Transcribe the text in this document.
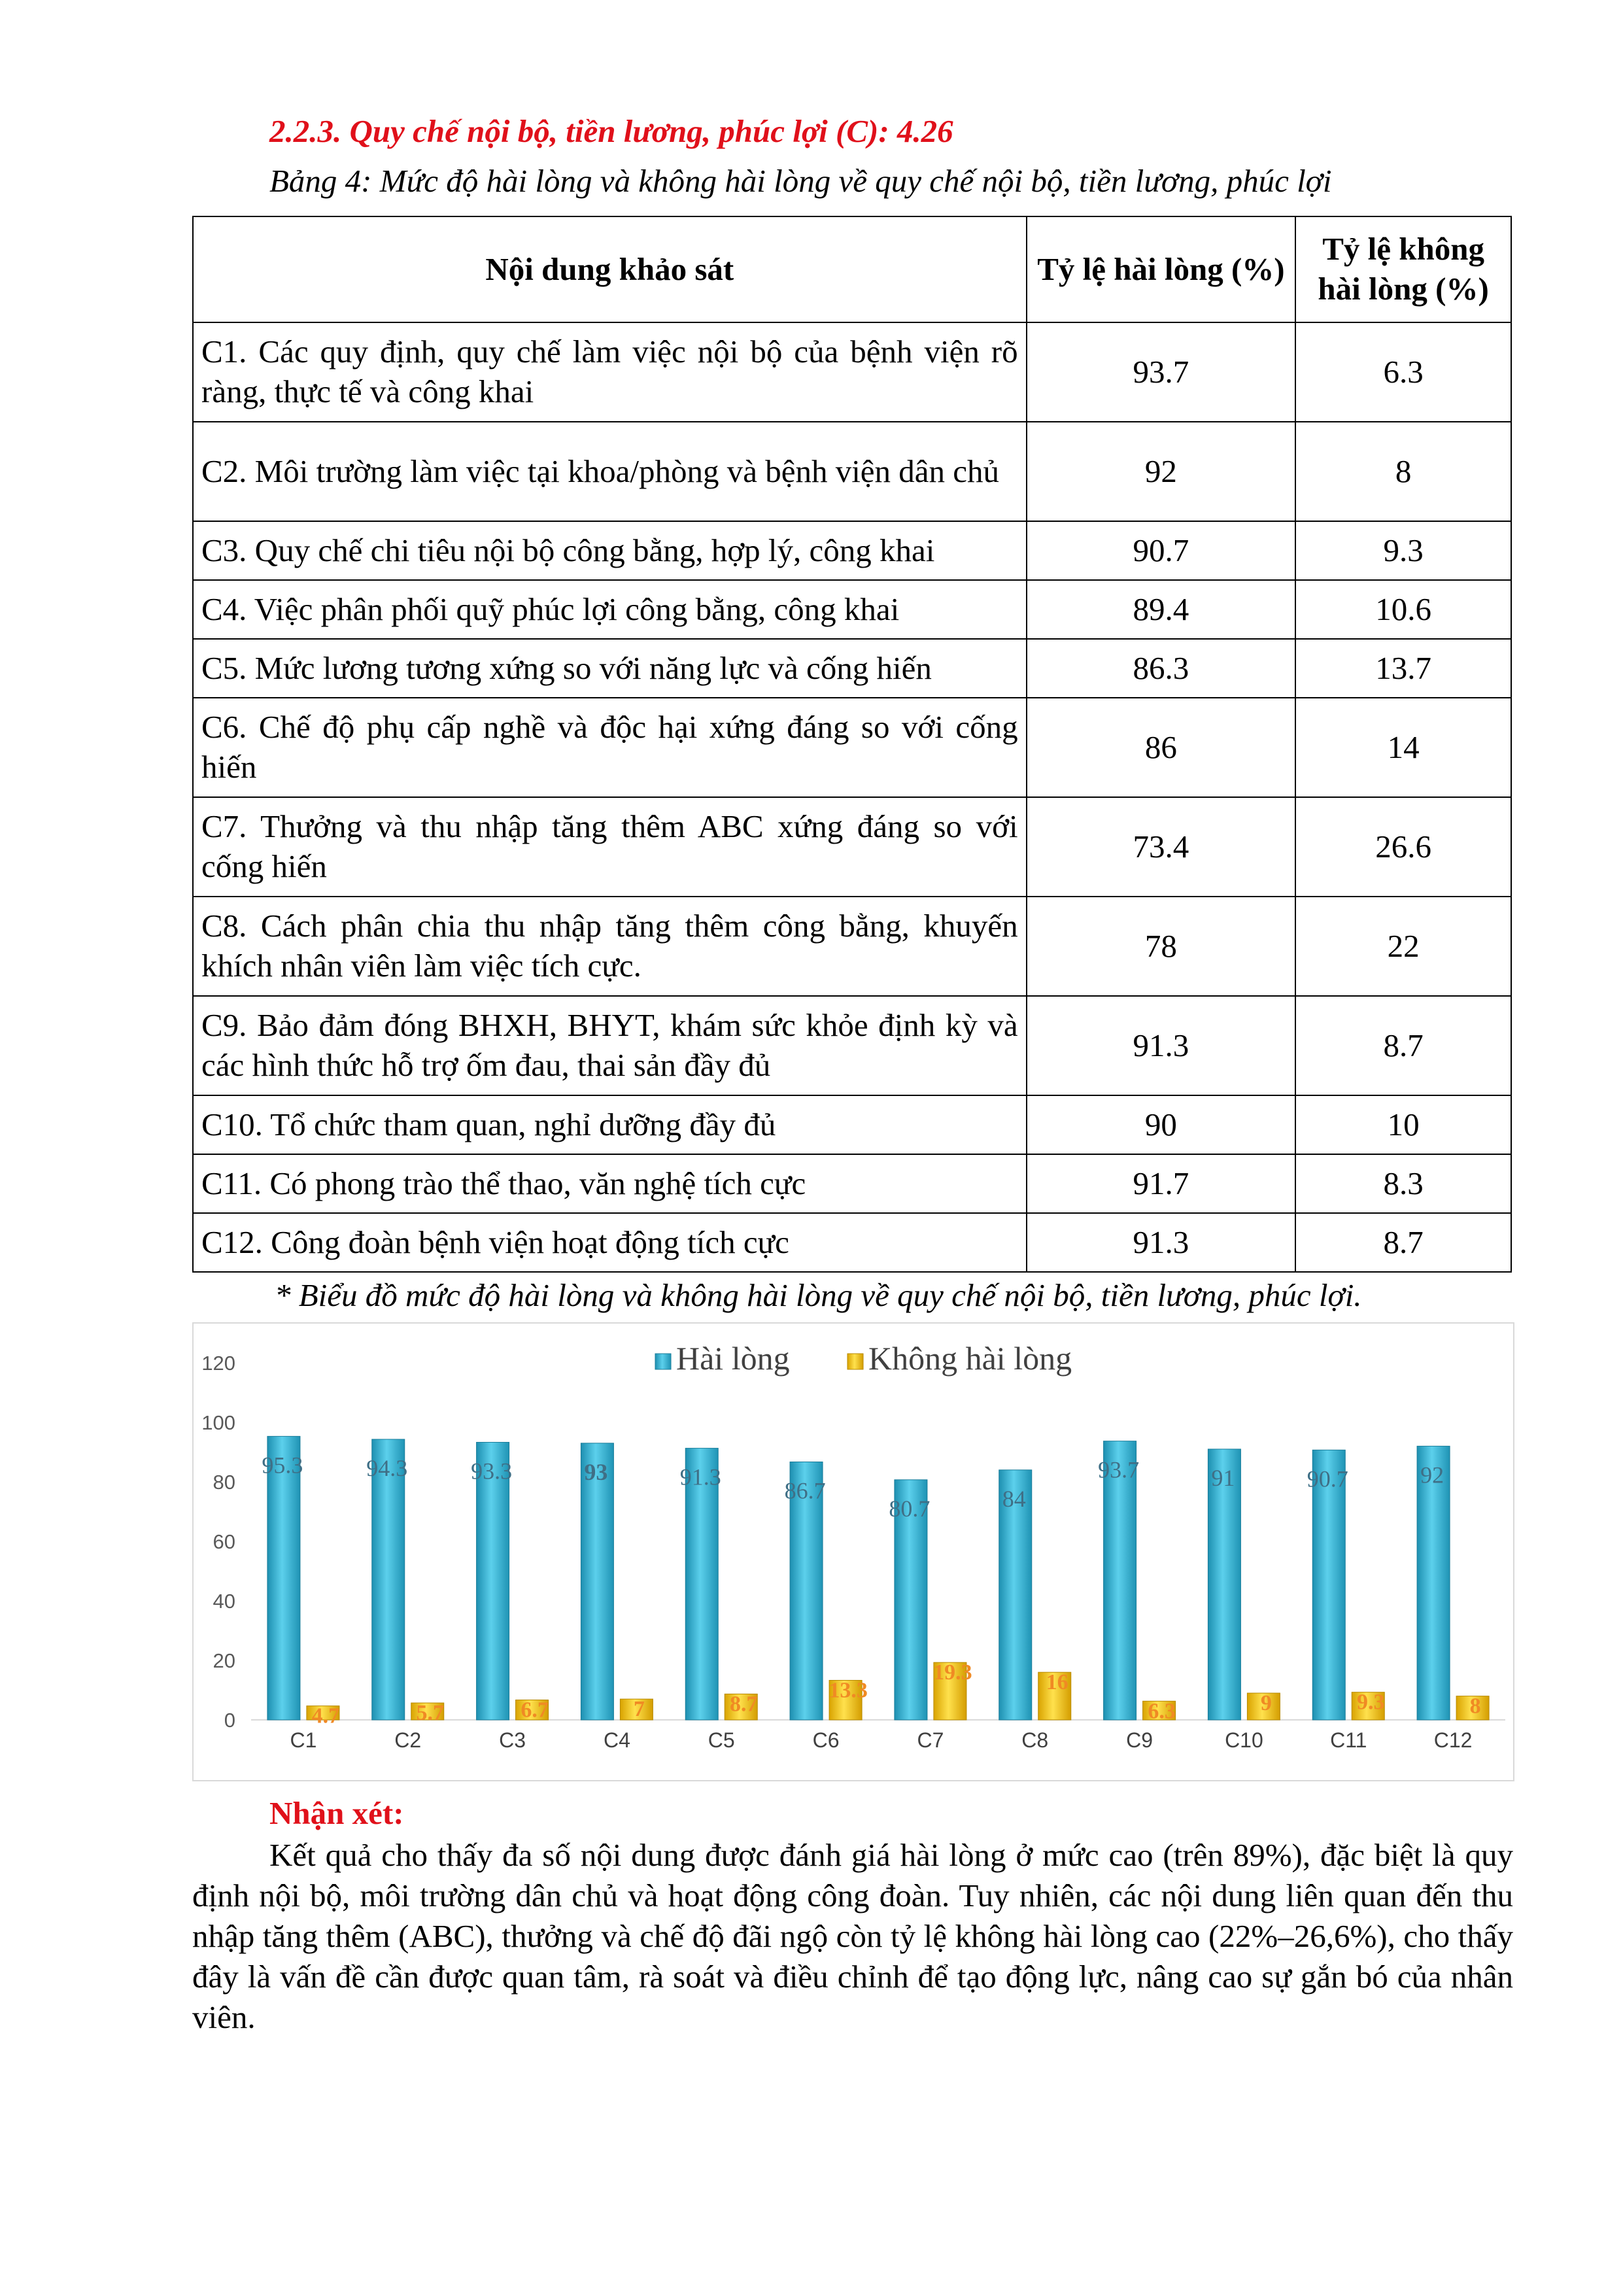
2.2.3. Quy chế nội bộ, tiền lương, phúc lợi (C): 4.26
Bảng 4: Mức độ hài lòng và không hài lòng về quy chế nội bộ, tiền lương, phúc lợi
Nội dung khảo sát	Tỷ lệ hài lòng (%)	Tỷ lệ không hài lòng (%)
C1. Các quy định, quy chế làm việc nội bộ của bệnh viện rõ ràng, thực tế và công khai	93.7	6.3
C2. Môi trường làm việc tại khoa/phòng và bệnh viện dân chủ	92	8
C3. Quy chế chi tiêu nội bộ công bằng, hợp lý, công khai	90.7	9.3
C4. Việc phân phối quỹ phúc lợi công bằng, công khai	89.4	10.6
C5. Mức lương tương xứng so với năng lực và cống hiến	86.3	13.7
C6. Chế độ phụ cấp nghề và độc hại xứng đáng so với cống hiến	86	14
C7. Thưởng và thu nhập tăng thêm ABC xứng đáng so với cống hiến	73.4	26.6
C8. Cách phân chia thu nhập tăng thêm công bằng, khuyến khích nhân viên làm việc tích cực.	78	22
C9. Bảo đảm đóng BHXH, BHYT, khám sức khỏe định kỳ và các hình thức hỗ trợ ốm đau, thai sản đầy đủ	91.3	8.7
C10. Tổ chức tham quan, nghỉ dưỡng đầy đủ	90	10
C11. Có phong trào thể thao, văn nghệ tích cực	91.7	8.3
C12. Công đoàn bệnh viện hoạt động tích cực	91.3	8.7
* Biểu đồ mức độ hài lòng và không hài lòng về quy chế nội bộ, tiền lương, phúc lợi.
0
20
40
60
80
100
120
95.3
4.7
C1
94.3
5.7
C2
93.3
6.7
C3
93
7
C4
91.3
8.7
C5
86.7
13.3
C6
80.7
19.3
C7
84
16
C8
93.7
6.3
C9
91
9
C10
90.7
9.3
C11
92
8
C12
Hài lòng Không hài lòng
Nhận xét:
Kết quả cho thấy đa số nội dung được đánh giá hài lòng ở mức cao (trên 89%), đặc biệt là quy định nội bộ, môi trường dân chủ và hoạt động công đoàn. Tuy nhiên, các nội dung liên quan đến thu nhập tăng thêm (ABC), thưởng và chế độ đãi ngộ còn tỷ lệ không hài lòng cao (22%–26,6%), cho thấy đây là vấn đề cần được quan tâm, rà soát và điều chỉnh để tạo động lực, nâng cao sự gắn bó của nhân viên.
